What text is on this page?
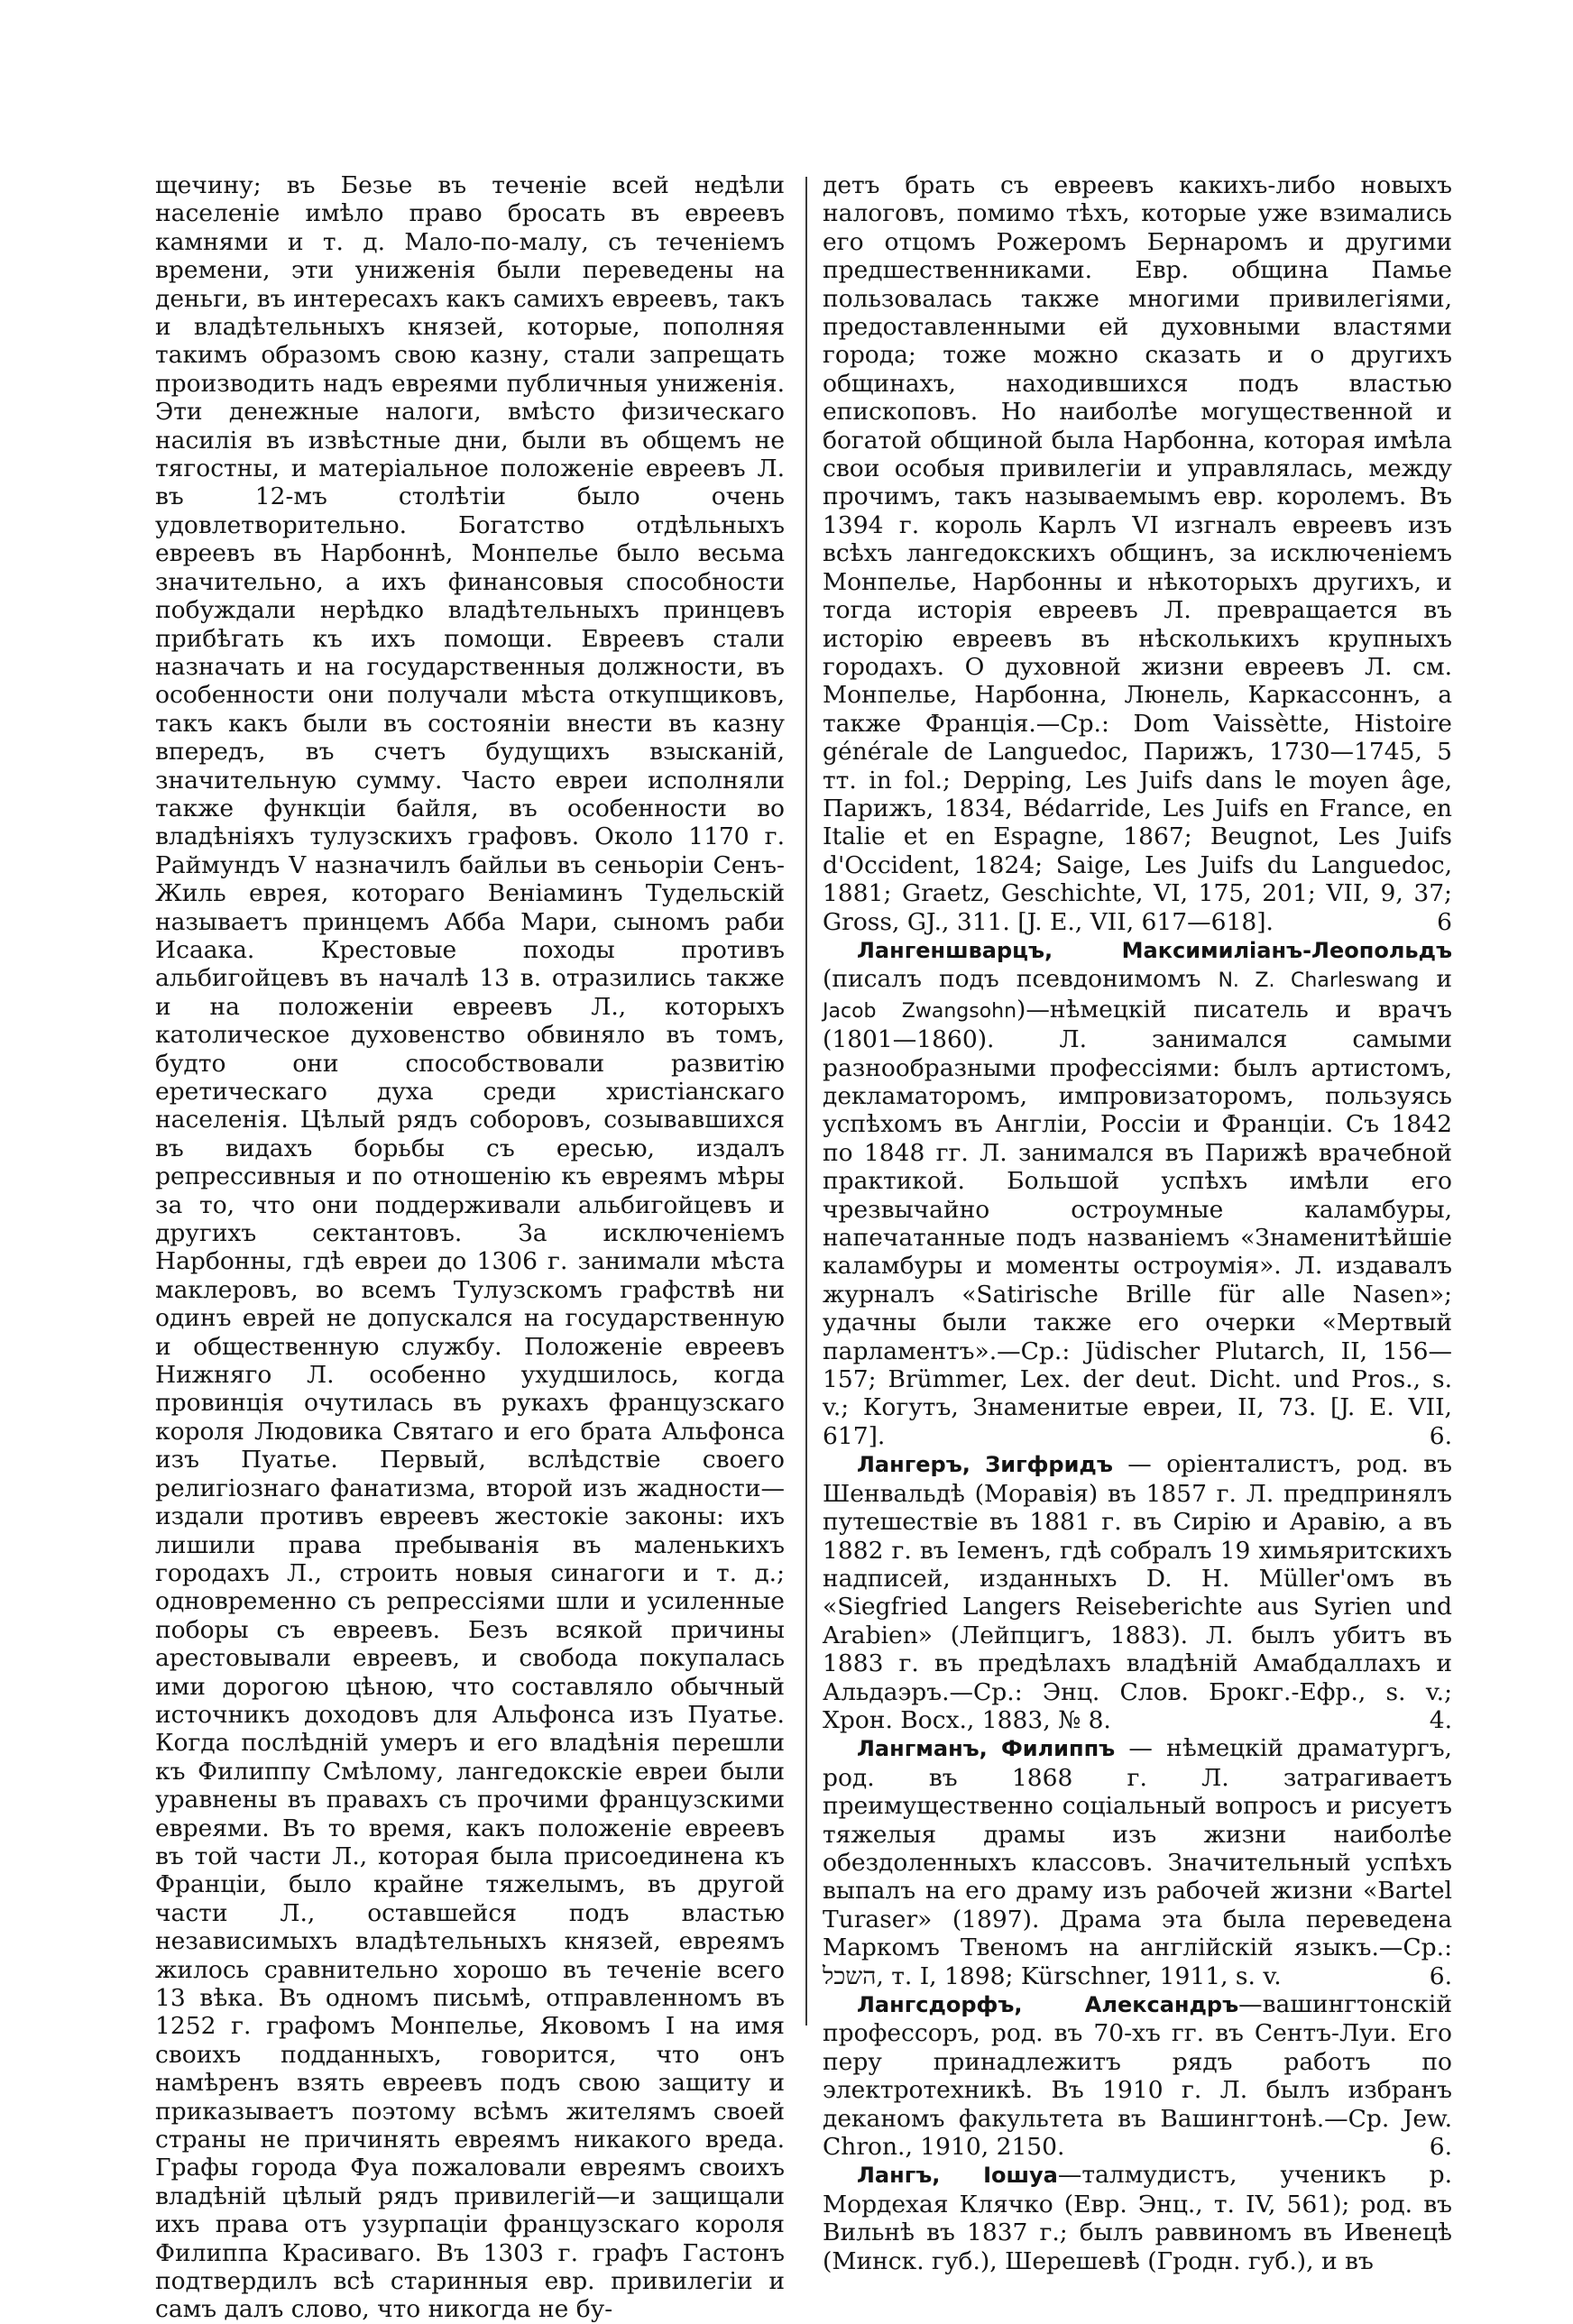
щечину; въ Безье въ теченіе всей недѣли населеніе имѣло право бросать въ евреевъ камнями и т. д. Мало-по-малу, съ теченіемъ времени, эти униженія были переведены на деньги, въ интересахъ какъ самихъ евреевъ, такъ и владѣтельныхъ князей, которые, пополняя такимъ образомъ свою казну, стали запрещать производить надъ евреями публичныя униженія. Эти денежные налоги, вмѣсто физическаго насилія въ извѣстные дни, были въ общемъ не тягостны, и матеріальное положеніе евреевъ Л. въ 12-мъ столѣтіи было очень удовлетворительно. Богатство отдѣльныхъ евреевъ въ Нарбоннѣ, Монпелье было весьма значительно, а ихъ финансовыя способности побуждали нерѣдко владѣтельныхъ принцевъ прибѣгать къ ихъ помощи. Евреевъ стали назначать и на государственныя должности, въ особенности они получали мѣста откупщиковъ, такъ какъ были въ состояніи внести въ казну впередъ, въ счетъ будущихъ взысканій, значительную сумму. Часто евреи исполняли также функціи байля, въ особенности во владѣніяхъ тулузскихъ графовъ. Около 1170 г. Раймундъ V назначилъ байльи въ сеньоріи Сенъ-Жиль еврея, котораго Веніаминъ Тудельскій называетъ принцемъ Абба Мари, сыномъ раби Исаака. Крестовые походы противъ альбигойцевъ въ началѣ 13 в. отразились также и на положеніи евреевъ Л., которыхъ католическое духовенство обвиняло въ томъ, будто они способствовали развитію еретическаго духа среди христіанскаго населенія. Цѣлый рядъ соборовъ, созывавшихся въ видахъ борьбы съ ересью, издалъ репрессивныя и по отношенію къ евреямъ мѣры за то, что они поддерживали альбигойцевъ и другихъ сектантовъ. За исключеніемъ Нарбонны, гдѣ евреи до 1306 г. занимали мѣста маклеровъ, во всемъ Тулузскомъ графствѣ ни одинъ еврей не допускался на государственную и общественную службу. Положеніе евреевъ Нижняго Л. особенно ухудшилось, когда провинція очутилась въ рукахъ французскаго короля Людовика Святаго и его брата Альфонса изъ Пуатье. Первый, вслѣдствіе своего религіознаго фанатизма, второй изъ жадности—издали противъ евреевъ жестокіе законы: ихъ лишили права пребыванія въ маленькихъ городахъ Л., строить новыя синагоги и т. д.; одновременно съ репрессіями шли и усиленные поборы съ евреевъ. Безъ всякой причины арестовывали евреевъ, и свобода покупалась ими дорогою цѣною, что составляло обычный источникъ доходовъ для Альфонса изъ Пуатье. Когда послѣдній умеръ и его владѣнія перешли къ Филиппу Смѣлому, лангедокскіе евреи были уравнены въ правахъ съ прочими французскими евреями. Въ то время, какъ положеніе евреевъ въ той части Л., которая была присоединена къ Франціи, было крайне тяжелымъ, въ другой части Л., оставшейся подъ властью независимыхъ владѣтельныхъ князей, евреямъ жилось сравнительно хорошо въ теченіе всего 13 вѣка. Въ одномъ письмѣ, отправленномъ въ 1252 г. графомъ Монпелье, Яковомъ I на имя своихъ подданныхъ, говорится, что онъ намѣренъ взять евреевъ подъ свою защиту и приказываетъ поэтому всѣмъ жителямъ своей страны не причинять евреямъ никакого вреда. Графы города Фуа пожаловали евреямъ своихъ владѣній цѣлый рядъ привилегій—и защищали ихъ права отъ узурпаціи французскаго короля Филиппа Красиваго. Въ 1303 г. графъ Гастонъ подтвердилъ всѣ старинныя евр. привилегіи и самъ далъ слово, что никогда не бу-

детъ брать съ евреевъ какихъ-либо новыхъ налоговъ, помимо тѣхъ, которые уже взимались его отцомъ Рожеромъ Бернаромъ и другими предшественниками. Евр. община Памье пользовалась также многими привилегіями, предоставленными ей духовными властями города; тоже можно сказать и о другихъ общинахъ, находившихся подъ властью епископовъ. Но наиболѣе могущественной и богатой общиной была Нарбонна, которая имѣла свои особыя привилегіи и управлялась, между прочимъ, такъ называемымъ евр. королемъ. Въ 1394 г. король Карлъ VI изгналъ евреевъ изъ всѣхъ лангедокскихъ общинъ, за исключеніемъ Монпелье, Нарбонны и нѣкоторыхъ другихъ, и тогда исторія евреевъ Л. превращается въ исторію евреевъ въ нѣсколькихъ крупныхъ городахъ. О духовной жизни евреевъ Л. см. Монпелье, Нарбонна, Люнель, Каркассоннъ, а также Франція.—Ср.: Dom Vaissètte, Histoire générale de Languedoc, Парижъ, 1730—1745, 5 тт. in fol.; Depping, Les Juifs dans le moyen âge, Парижъ, 1834, Bédarride, Les Juifs en France, en Italie et en Espagne, 1867; Beugnot, Les Juifs d'Occident, 1824; Saige, Les Juifs du Languedoc, 1881; Graetz, Geschichte, VI, 175, 201; VII, 9, 37; Gross, GJ., 311. [J. E., VII, 617—618].	6

Лангеншварцъ, Максимиліанъ-Леопольдъ (писалъ подъ псевдонимомъ N. Z. Charleswang и Jacob Zwangsohn)—нѣмецкій писатель и врачъ (1801—1860). Л. занимался самыми разнообразными профессіями: былъ артистомъ, декламаторомъ, импровизаторомъ, пользуясь успѣхомъ въ Англіи, Россіи и Франціи. Съ 1842 по 1848 гг. Л. занимался въ Парижѣ врачебной практикой. Большой успѣхъ имѣли его чрезвычайно остроумные каламбуры, напечатанные подъ названіемъ «Знаменитѣйшіе каламбуры и моменты остроумія». Л. издавалъ журналъ «Satirische Brille für alle Nasen»; удачны были также его очерки «Мертвый парламентъ».—Ср.: Jüdischer Plutarch, II, 156—157; Brümmer, Lex. der deut. Dicht. und Pros., s. v.; Когутъ, Знаменитые евреи, II, 73. [J. E. VII, 617].	6.

Лангеръ, Зигфридъ — оріенталистъ, род. въ Шенвальдѣ (Моравія) въ 1857 г. Л. предпринялъ путешествіе въ 1881 г. въ Сирію и Аравію, а въ 1882 г. въ Іеменъ, гдѣ собралъ 19 химьяритскихъ надписей, изданныхъ D. H. Müller'омъ въ «Siegfried Langers Reiseberichte aus Syrien und Arabien» (Лейпцигъ, 1883). Л. былъ убитъ въ 1883 г. въ предѣлахъ владѣній Амабдаллахъ и Альдаэръ.—Ср.: Энц. Слов. Брокг.-Ефр., s. v.; Хрон. Восх., 1883, № 8.	4.

Лангманъ, Филиппъ — нѣмецкій драматургъ, род. въ 1868 г. Л. затрагиваетъ преимущественно соціальный вопросъ и рисуетъ тяжелыя драмы изъ жизни наиболѣе обездоленныхъ классовъ. Значительный успѣхъ выпалъ на его драму изъ рабочей жизни «Bartel Turaser» (1897). Драма эта была переведена Маркомъ Твеномъ на англійскій языкъ.—Ср.: השכל, т. I, 1898; Kürschner, 1911, s. v.	6.

Лангсдорфъ, Александръ—вашингтонскій профессоръ, род. въ 70-хъ гг. въ Сентъ-Луи. Его перу принадлежитъ рядъ работъ по электротехникѣ. Въ 1910 г. Л. былъ избранъ деканомъ факультета въ Вашингтонѣ.—Ср. Jew. Chron., 1910, 2150.	6.

Лангъ, Іошуа—талмудистъ, ученикъ р. Мордехая Клячко (Евр. Энц., т. IV, 561); род. въ Вильнѣ въ 1837 г.; былъ раввиномъ въ Ивенецѣ (Минск. губ.), Шерешевѣ (Гродн. губ.), и въ
